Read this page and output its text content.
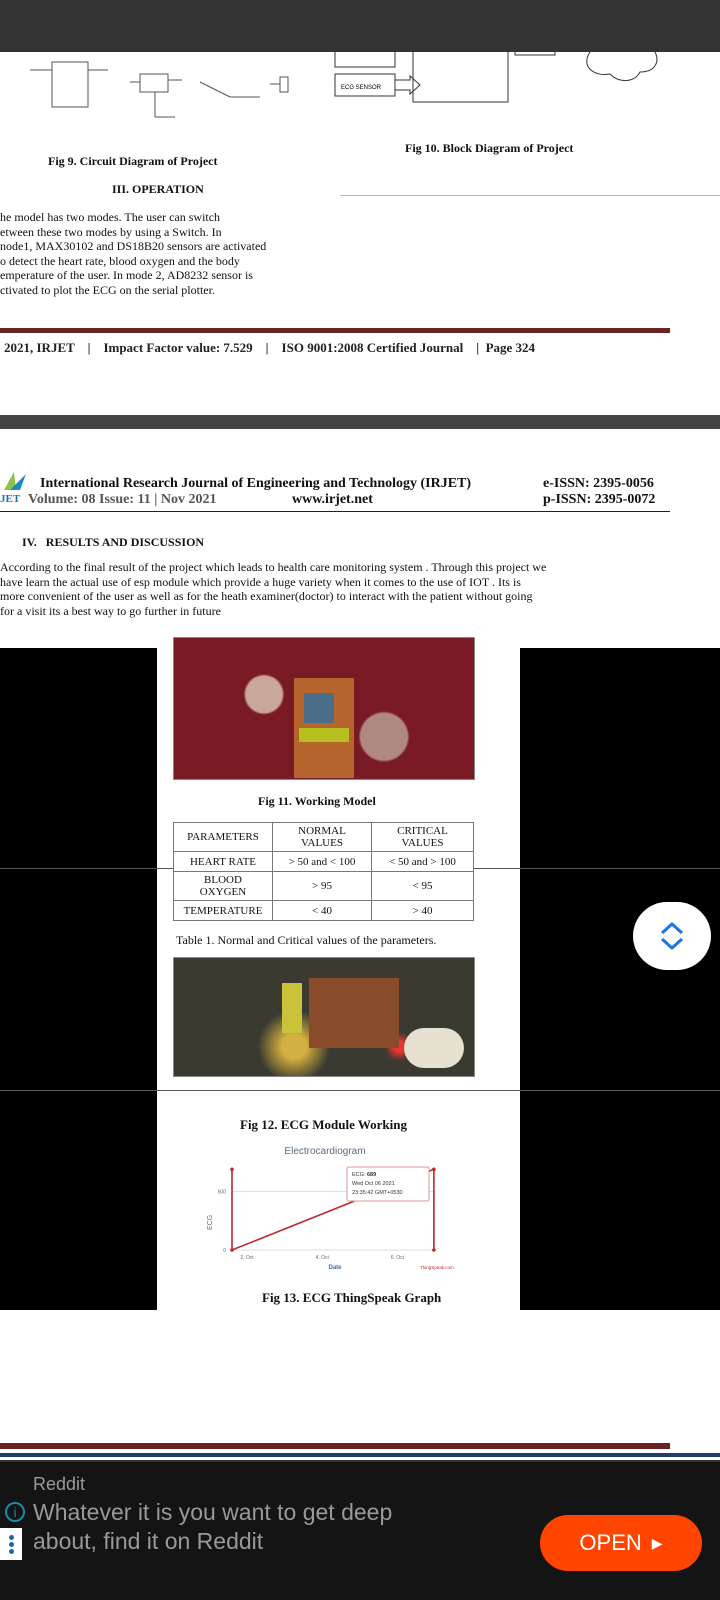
ECG SENSOR
Fig 10. Block Diagram of Project
Fig 9. Circuit Diagram of Project
III. OPERATION
he model has two modes. The user can switch
etween these two modes by using a Switch. In
node1, MAX30102 and DS18B20 sensors are activated
o detect the heart rate, blood oxygen and the body
emperature of the user. In mode 2, AD8232 sensor is
ctivated to plot the ECG on the serial plotter.
2021, IRJET    |    Impact Factor value: 7.529    |    ISO 9001:2008 Certified Journal    |  Page 324
JET
International Research Journal of Engineering and Technology (IRJET)
Volume: 08 Issue: 11 | Nov 2021	www.irjet.net
e-ISSN: 2395-0056
p-ISSN: 2395-0072
IV.   RESULTS AND DISCUSSION
According to the final result of the project which leads to health care monitoring system . Through this project we
have learn the actual use of esp module which provide a huge variety when it comes to the use of IOT . Its is
more convenient of the user as well as for the heath examiner(doctor) to interact with the patient without going
for a visit its a best way to go further in future
Fig 11. Working Model
PARAMETERS	NORMAL VALUES	CRITICAL VALUES
HEART RATE	> 50 and < 100	< 50 and > 100
BLOOD OXYGEN	> 95	< 95
TEMPERATURE	< 40	> 40
Table 1. Normal and Critical values of the parameters.
Fig 12. ECG Module Working
Electrocardiogram
ECG
Date	ThingSpeak.com
0
500
2. Oct	4. Oct	6. Oct
ECG: 689
Wed Oct 06 2021
23:35:42 GMT+0530
Fig 13. ECG ThingSpeak Graph
Reddit
Whatever it is you want to get deep
about, find it on Reddit
i
OPEN ▶
